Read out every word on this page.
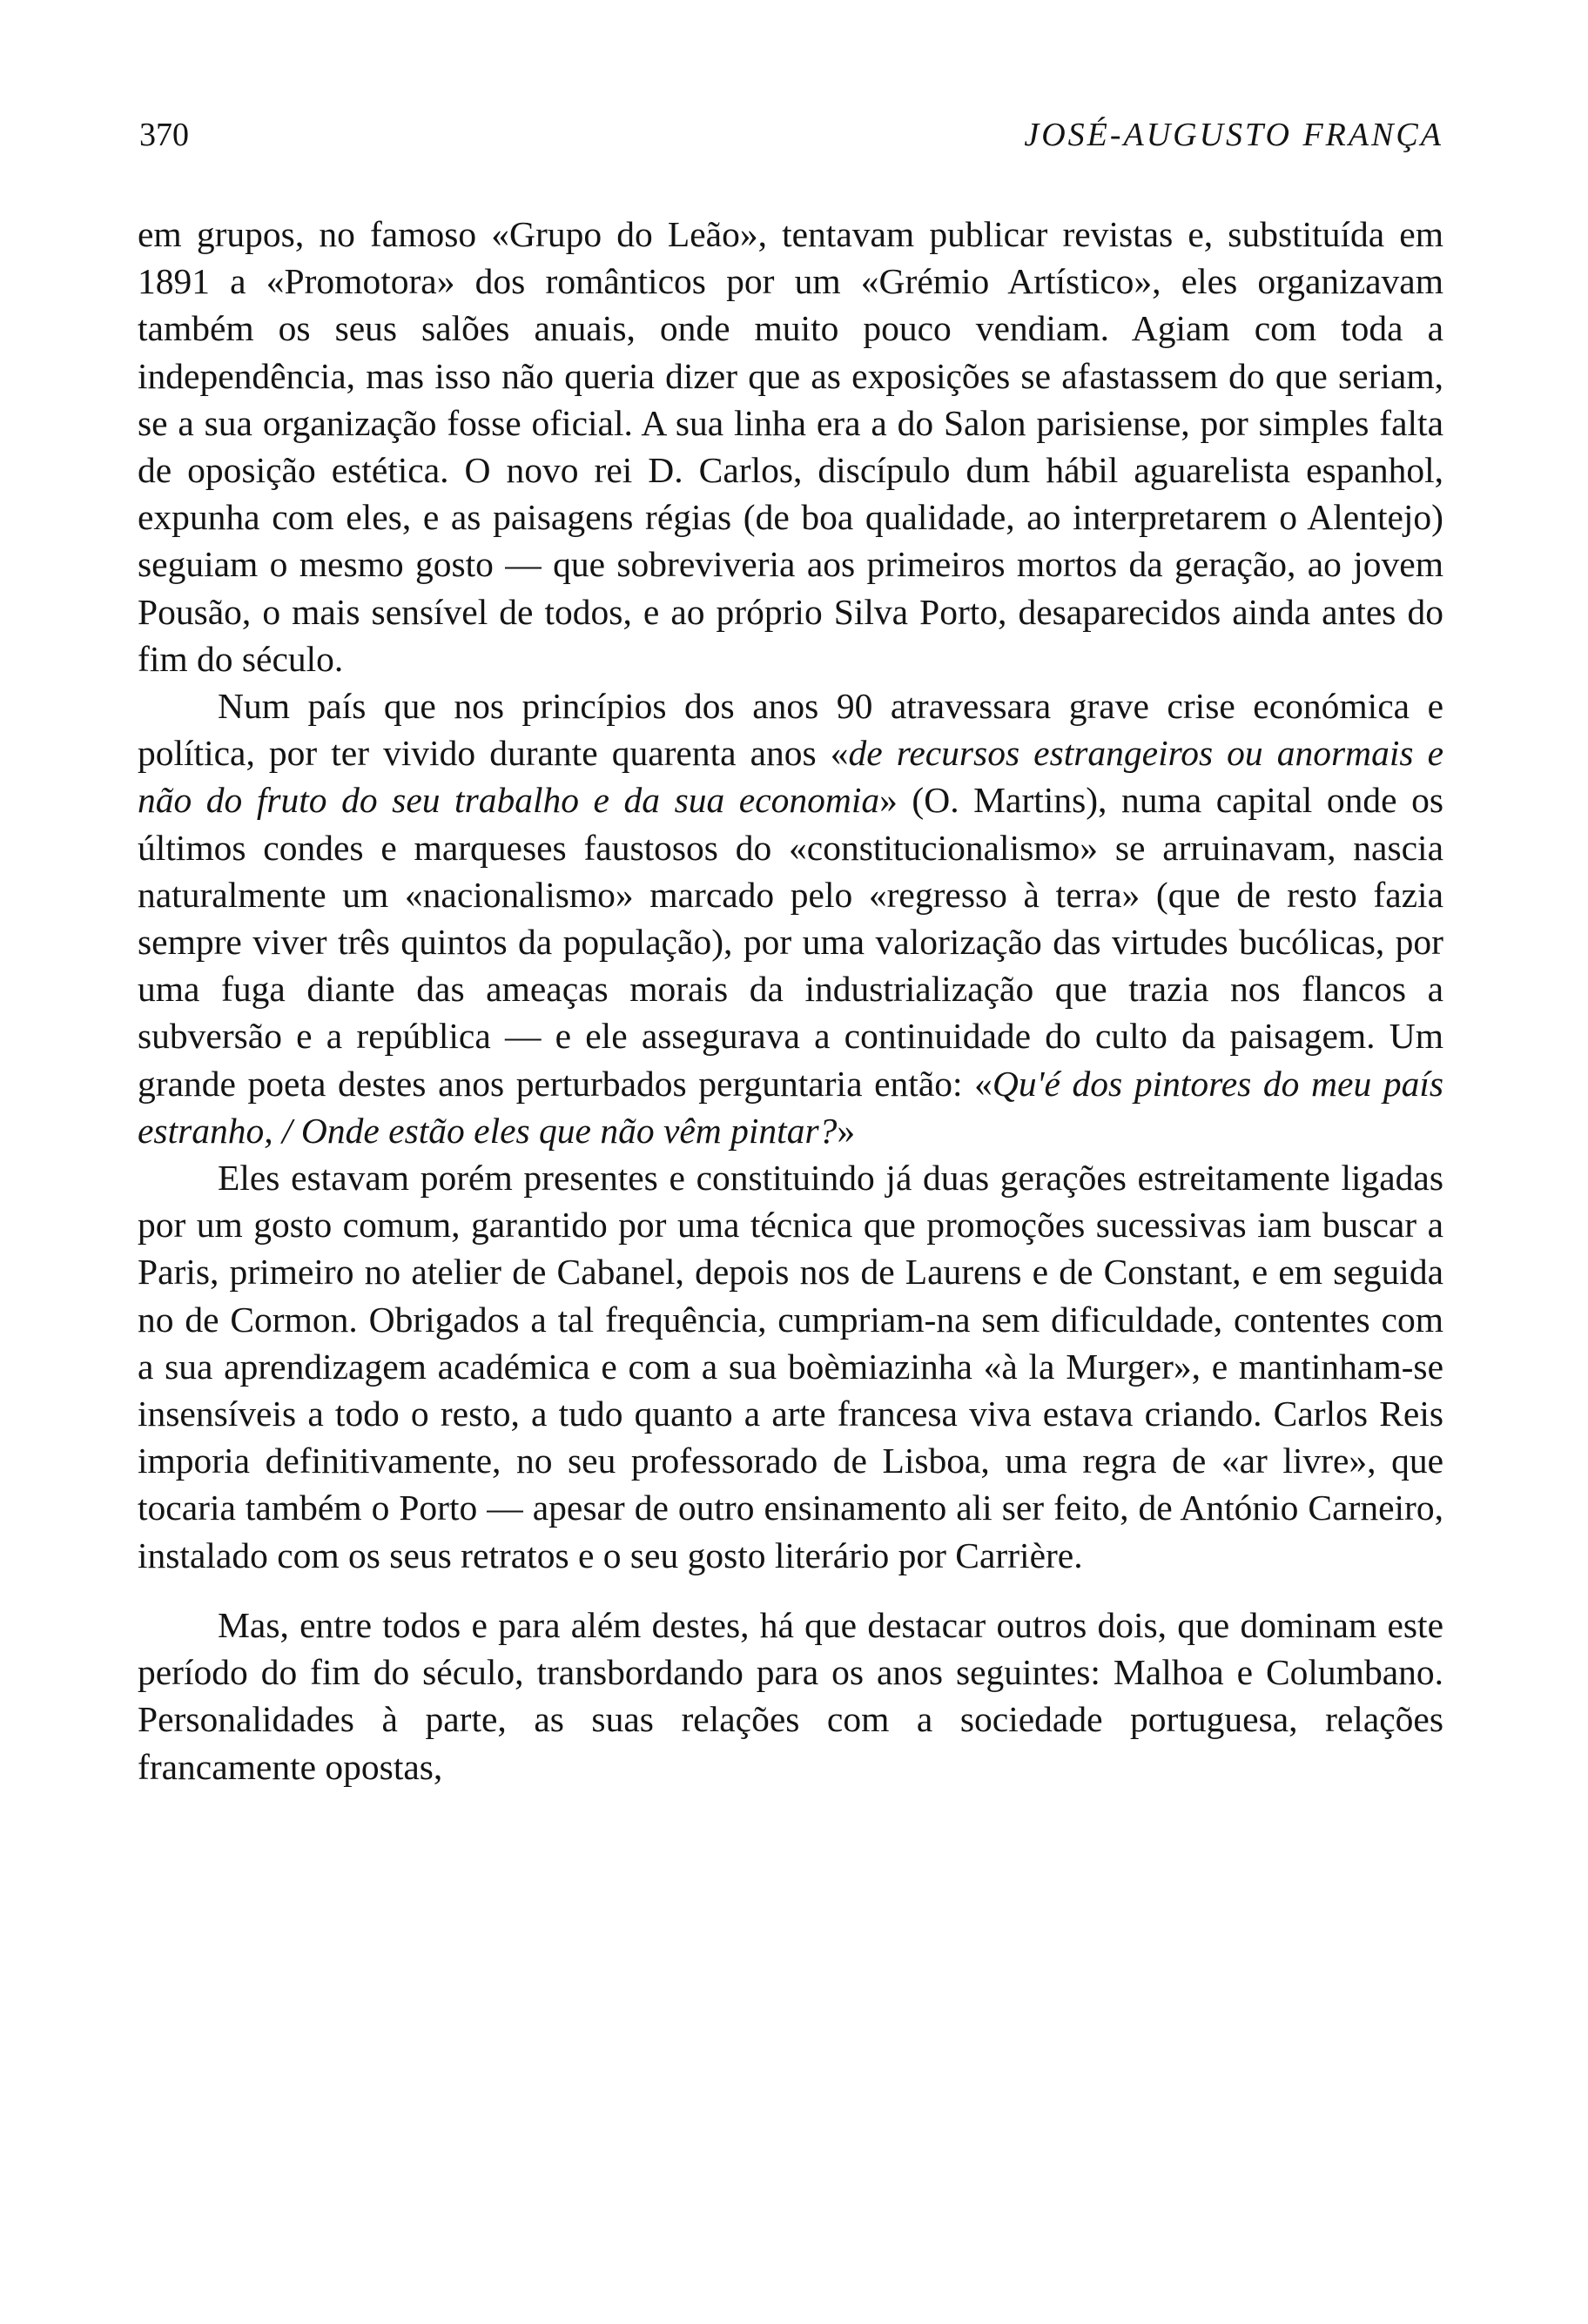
370	JOSÉ-AUGUSTO FRANÇA

em grupos, no famoso «Grupo do Leão», tentavam publicar revistas e, substituída em 1891 a «Promotora» dos românticos por um «Grémio Artístico», eles organizavam também os seus salões anuais, onde muito pouco vendiam. Agiam com toda a independência, mas isso não queria dizer que as exposições se afastassem do que seriam, se a sua organização fosse oficial. A sua linha era a do Salon parisiense, por simples falta de oposição estética. O novo rei D. Carlos, discípulo dum hábil aguarelista espanhol, expunha com eles, e as paisagens régias (de boa qualidade, ao interpretarem o Alentejo) seguiam o mesmo gosto — que sobreviveria aos primeiros mortos da geração, ao jovem Pousão, o mais sensível de todos, e ao próprio Silva Porto, desaparecidos ainda antes do fim do século.

Num país que nos princípios dos anos 90 atravessara grave crise económica e política, por ter vivido durante quarenta anos «de recursos estrangeiros ou anormais e não do fruto do seu trabalho e da sua economia» (O. Martins), numa capital onde os últimos condes e marqueses faustosos do «constitucionalismo» se arruinavam, nascia naturalmente um «nacionalismo» marcado pelo «regresso à terra» (que de resto fazia sempre viver três quintos da população), por uma valorização das virtudes bucólicas, por uma fuga diante das ameaças morais da industrialização que trazia nos flancos a subversão e a república — e ele assegurava a continuidade do culto da paisagem. Um grande poeta destes anos perturbados perguntaria então: «Qu'é dos pintores do meu país estranho, / Onde estão eles que não vêm pintar?»

Eles estavam porém presentes e constituindo já duas gerações estreitamente ligadas por um gosto comum, garantido por uma técnica que promoções sucessivas iam buscar a Paris, primeiro no atelier de Cabanel, depois nos de Laurens e de Constant, e em seguida no de Cormon. Obrigados a tal frequência, cumpriam-na sem dificuldade, contentes com a sua aprendizagem académica e com a sua boèmiazinha «à la Murger», e mantinham-se insensíveis a todo o resto, a tudo quanto a arte francesa viva estava criando. Carlos Reis imporia definitivamente, no seu professorado de Lisboa, uma regra de «ar livre», que tocaria também o Porto — apesar de outro ensinamento ali ser feito, de António Carneiro, instalado com os seus retratos e o seu gosto literário por Carrière.

Mas, entre todos e para além destes, há que destacar outros dois, que dominam este período do fim do século, transbordando para os anos seguintes: Malhoa e Columbano. Personalidades à parte, as suas relações com a sociedade portuguesa, relações francamente opostas,
